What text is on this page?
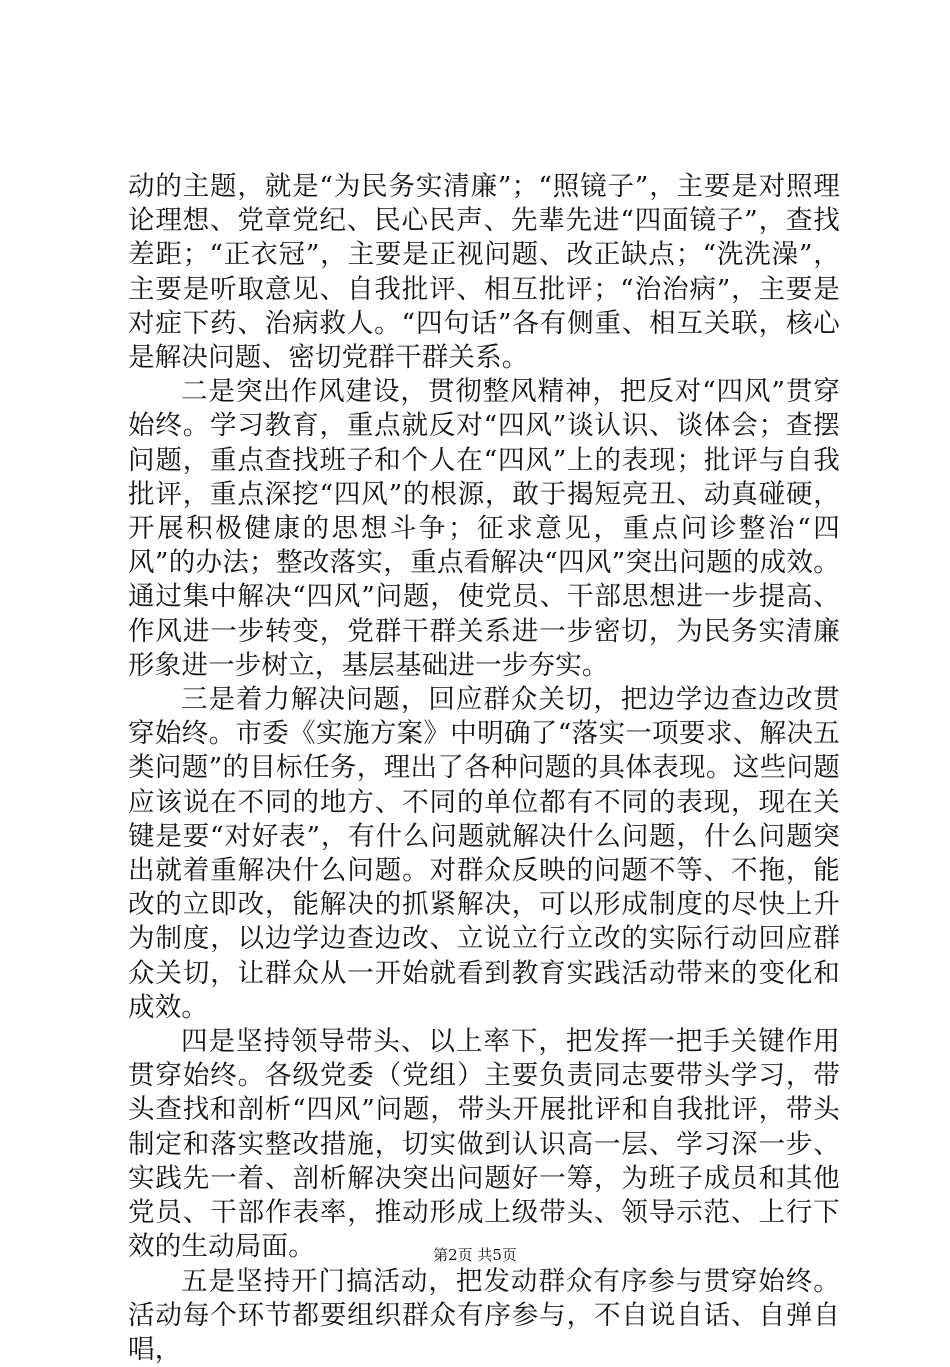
动的主题，就是“为民务实清廉”；“照镜子”，主要是对照理论理想、党章党纪、民心民声、先辈先进“四面镜子”，查找差距；“正衣冠”，主要是正视问题、改正缺点；“洗洗澡”，主要是听取意见、自我批评、相互批评；“治治病”，主要是对症下药、治病救人。“四句话”各有侧重、相互关联，核心是解决问题、密切党群干群关系。

二是突出作风建设，贯彻整风精神，把反对“四风”贯穿始终。学习教育，重点就反对“四风”谈认识、谈体会；查摆问题，重点查找班子和个人在“四风”上的表现；批评与自我批评，重点深挖“四风”的根源，敢于揭短亮丑、动真碰硬，开展积极健康的思想斗争；征求意见，重点问诊整治“四风”的办法；整改落实，重点看解决“四风”突出问题的成效。通过集中解决“四风”问题，使党员、干部思想进一步提高、作风进一步转变，党群干群关系进一步密切，为民务实清廉形象进一步树立，基层基础进一步夯实。

三是着力解决问题，回应群众关切，把边学边查边改贯穿始终。市委《实施方案》中明确了“落实一项要求、解决五类问题”的目标任务，理出了各种问题的具体表现。这些问题应该说在不同的地方、不同的单位都有不同的表现，现在关键是要“对好表”，有什么问题就解决什么问题，什么问题突出就着重解决什么问题。对群众反映的问题不等、不拖，能改的立即改，能解决的抓紧解决，可以形成制度的尽快上升为制度，以边学边查边改、立说立行立改的实际行动回应群众关切，让群众从一开始就看到教育实践活动带来的变化和成效。

四是坚持领导带头、以上率下，把发挥一把手关键作用贯穿始终。各级党委（党组）主要负责同志要带头学习，带头查找和剖析“四风”问题，带头开展批评和自我批评，带头制定和落实整改措施，切实做到认识高一层、学习深一步、实践先一着、剖析解决突出问题好一筹，为班子成员和其他党员、干部作表率，推动形成上级带头、领导示范、上行下效的生动局面。

五是坚持开门搞活动，把发动群众有序参与贯穿始终。活动每个环节都要组织群众有序参与，不自说自话、自弹自唱，

第2页 共5页
